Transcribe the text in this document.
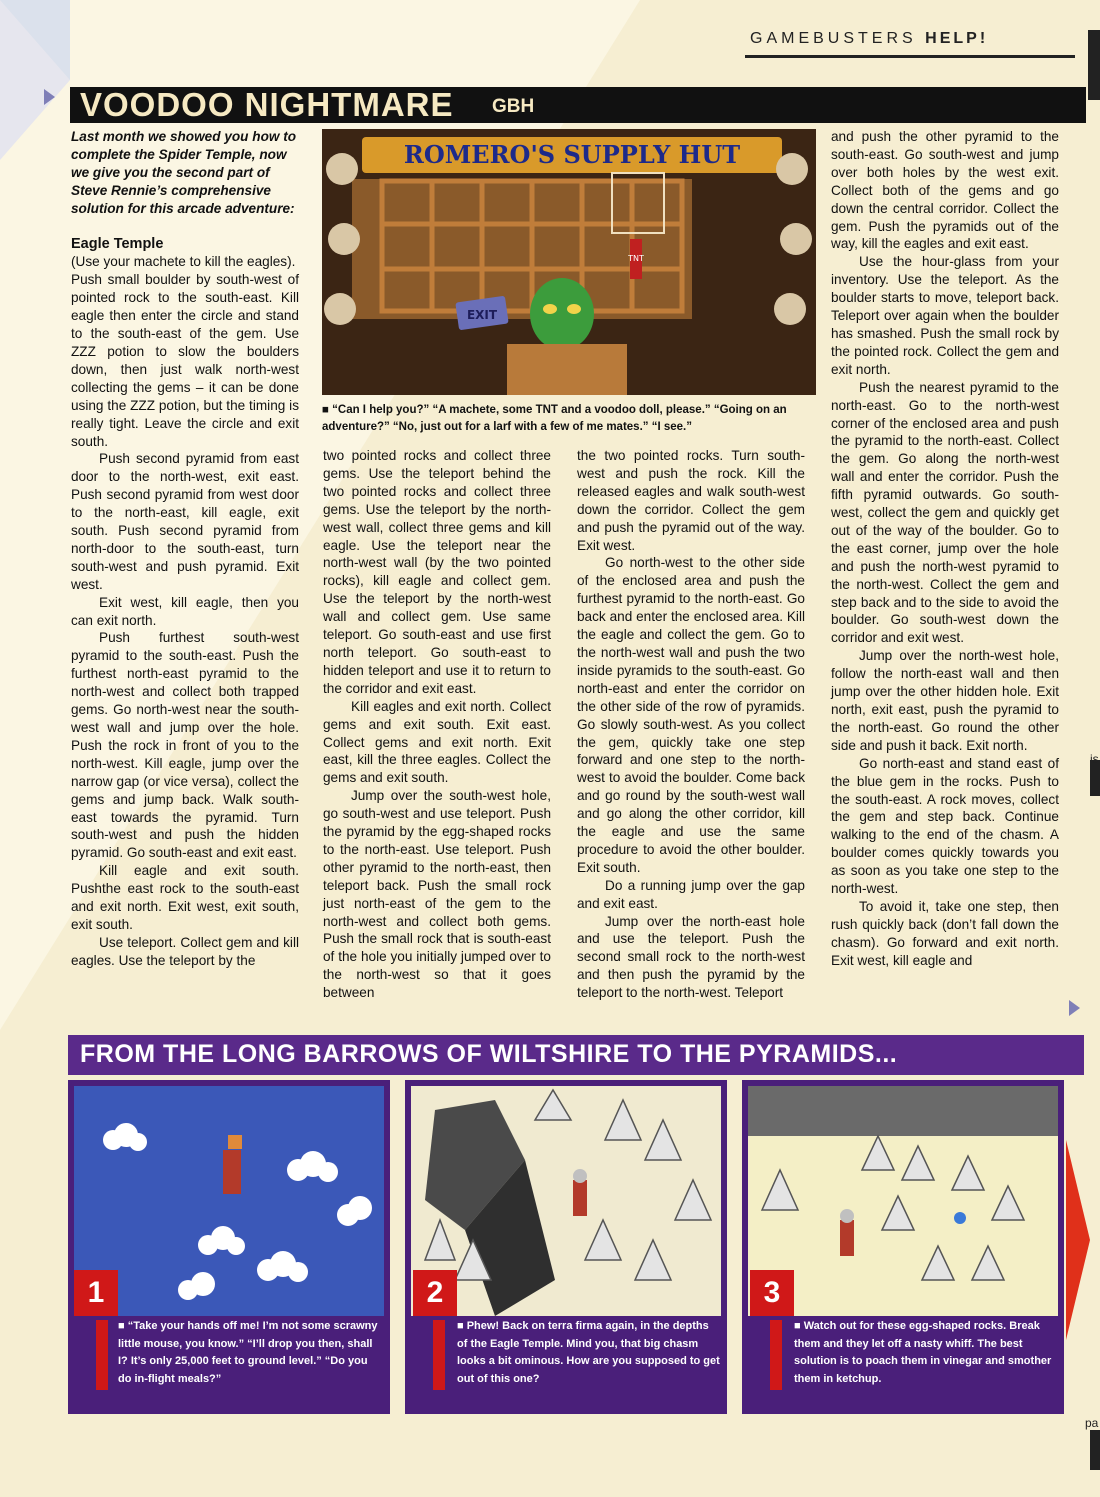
GAMEBUSTERS HELP!
VOODOO NIGHTMARE GBH

Last month we showed you how to complete the Spider Temple, now we give you the second part of Steve Rennie’s comprehensive solution for this arcade adventure:

Eagle Temple

(Use your machete to kill the eagles).

Push small boulder by south-west of pointed rock to the south-east. Kill eagle then enter the circle and stand to the south-east of the gem. Use ZZZ potion to slow the boulders down, then just walk north-west collecting the gems – it can be done using the ZZZ potion, but the timing is really tight. Leave the circle and exit south.

Push second pyramid from east door to the north-west, exit east. Push second pyramid from west door to the north-east, kill eagle, exit south. Push second pyramid from north-door to the south-east, turn south-west and push pyramid. Exit west.

Exit west, kill eagle, then you can exit north.

Push furthest south-west pyramid to the south-east. Push the furthest north-east pyramid to the north-west and collect both trapped gems. Go north-west near the south-west wall and jump over the hole. Push the rock in front of you to the north-west. Kill eagle, jump over the narrow gap (or vice versa), collect the gems and jump back. Walk south-east towards the pyramid. Turn south-west and push the hidden pyramid. Go south-east and exit east.

Kill eagle and exit south. Pushthe east rock to the south-east and exit north. Exit west, exit south, exit south.

Use teleport. Collect gem and kill eagles. Use the teleport by the

ROMERO'S SUPPLY HUT
TNT
EXIT
■ “Can I help you?” “A machete, some TNT and a voodoo doll, please.” “Going on an adventure?” “No, just out for a larf with a few of me mates.” “I see.”

two pointed rocks and collect three gems. Use the teleport behind the two pointed rocks and collect three gems. Use the teleport by the north-west wall, collect three gems and kill eagle. Use the teleport near the north-west wall (by the two pointed rocks), kill eagle and collect gem. Use the teleport by the north-west wall and collect gem. Use same teleport. Go south-east and use first north teleport. Go south-east to hidden teleport and use it to return to the corridor and exit east.

Kill eagles and exit north. Collect gems and exit south. Exit east. Collect gems and exit north. Exit east, kill the three eagles. Collect the gems and exit south.

Jump over the south-west hole, go south-west and use teleport. Push the pyramid by the egg-shaped rocks to the north-east. Use teleport. Push other pyramid to the north-east, then teleport back. Push the small rock just north-east of the gem to the north-west and collect both gems. Push the small rock that is south-east of the hole you initially jumped over to the north-west so that it goes between

the two pointed rocks. Turn south-west and push the rock. Kill the released eagles and walk south-west down the corridor. Collect the gem and push the pyramid out of the way. Exit west.

Go north-west to the other side of the enclosed area and push the furthest pyramid to the north-east. Go back and enter the enclosed area. Kill the eagle and collect the gem. Go to the north-west wall and push the two inside pyramids to the south-east. Go north-east and enter the corridor on the other side of the row of pyramids. Go slowly south-west. As you collect the gem, quickly take one step forward and one step to the north-west to avoid the boulder. Come back and go round by the south-west wall and go along the other corridor, kill the eagle and use the same procedure to avoid the other boulder. Exit south.

Do a running jump over the gap and exit east.

Jump over the north-east hole and use the teleport. Push the second small rock to the north-west and then push the pyramid by the teleport to the north-west. Teleport

and push the other pyramid to the south-east. Go south-west and jump over both holes by the west exit. Collect both of the gems and go down the central corridor. Collect the gem. Push the pyramids out of the way, kill the eagles and exit east.

Use the hour-glass from your inventory. Use the teleport. As the boulder starts to move, teleport back. Teleport over again when the boulder has smashed. Push the small rock by the pointed rock. Collect the gem and exit north.

Push the nearest pyramid to the north-east. Go to the north-west corner of the enclosed area and push the pyramid to the north-east. Collect the gem. Go along the north-west wall and enter the corridor. Push the fifth pyramid outwards. Go south-west, collect the gem and quickly get out of the way of the boulder. Go to the east corner, jump over the hole and push the north-west pyramid to the north-west. Collect the gem and step back and to the side to avoid the boulder. Go south-west down the corridor and exit west.

Jump over the north-west hole, follow the north-east wall and then jump over the other hidden hole. Exit north, exit east, push the pyramid to the north-east. Go round the other side and push it back. Exit north.

Go north-east and stand east of the blue gem in the rocks. Push to the south-east. A rock moves, collect the gem and step back. Continue walking to the end of the chasm. A boulder comes quickly towards you as soon as you take one step to the north-west.

To avoid it, take one step, then rush quickly back (don’t fall down the chasm). Go forward and exit north. Exit west, kill eagle and

FROM THE LONG BARROWS OF WILTSHIRE TO THE PYRAMIDS...
1
■ “Take your hands off me! I’m not some scrawny little mouse, you know.” “I’ll drop you then, shall I? It’s only 25,000 feet to ground level.” “Do you do in-flight meals?”
2
■ Phew! Back on terra firma again, in the depths of the Eagle Temple. Mind you, that big chasm looks a bit ominous. How are you supposed to get out of this one?
3
■ Watch out for these egg-shaped rocks. Break them and they let off a nasty whiff. The best solution is to poach them in vinegar and smother them in ketchup.
is
pa
